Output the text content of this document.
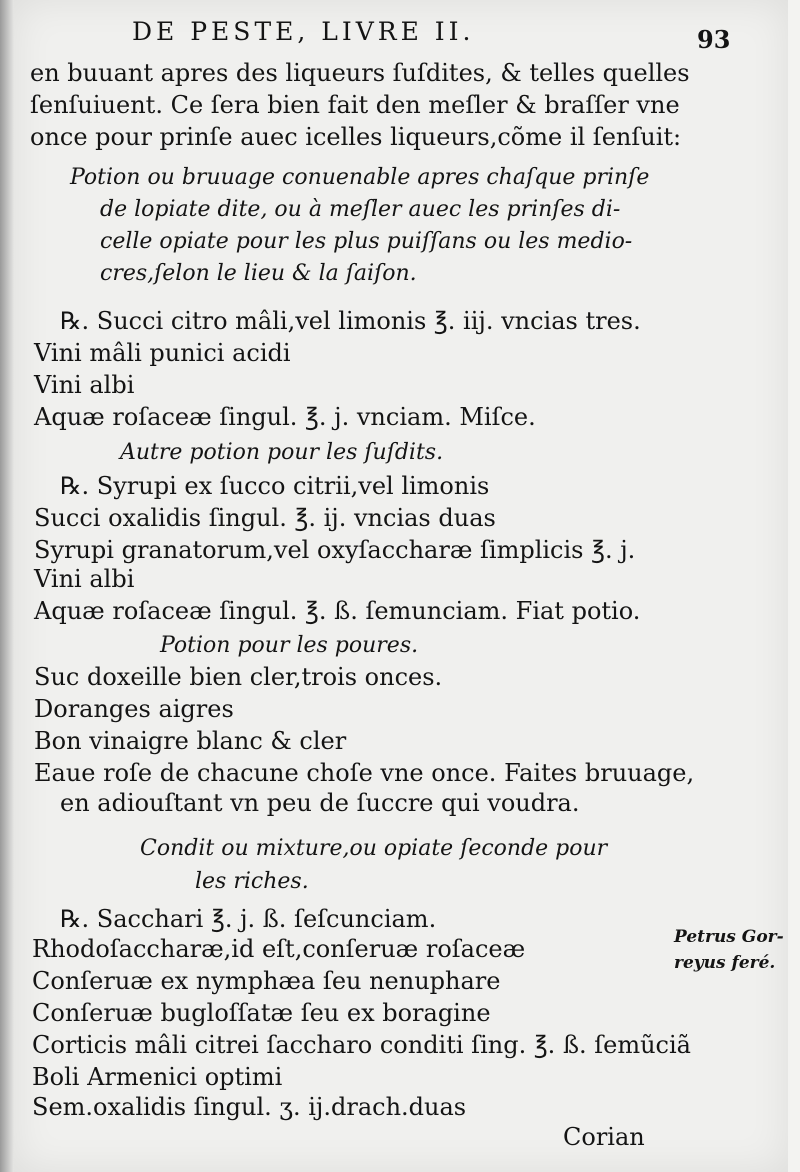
DE PESTE, LIVRE II.	93
en buuant apres des liqueurs ſuſdites, & telles quelles
ſenſuiuent. Ce ſera bien fait den meſler & braſſer vne
once pour prinſe auec icelles liqueurs,cõme il ſenſuit:
Potion ou bruuage conuenable apres chaſque prinſe
de lopiate dite, ou à meſler auec les prinſes di-
celle opiate pour les plus puiſſans ou les medio-
cres,ſelon le lieu & la ſaiſon.
℞. Succi citro mâli,vel limonis ℥. iij. vncias tres.
Vini mâli punici acidi
Vini albi
Aquæ roſaceæ ſingul. ℥. j. vnciam. Miſce.
Autre potion pour les ſuſdits.
℞. Syrupi ex ſucco citrii,vel limonis
Succi oxalidis ſingul. ℥. ij. vncias duas
Syrupi granatorum,vel oxyſaccharæ ſimplicis ℥. j.
Vini albi
Aquæ roſaceæ ſingul. ℥. ß. ſemunciam. Fiat potio.
Potion pour les poures.
Suc doxeille bien cler,trois onces.
Doranges aigres
Bon vinaigre blanc & cler
Eaue roſe de chacune choſe vne once. Faites bruuage,
en adiouſtant vn peu de ſuccre qui voudra.
Condit ou mixture,ou opiate ſeconde pour
les riches.
℞. Sacchari ℥. j. ß. ſeſcunciam.
Rhodoſaccharæ,id eſt,conſeruæ roſaceæ
Conſeruæ ex nymphæa ſeu nenuphare
Conſeruæ bugloſſatæ ſeu ex boragine
Corticis mâli citrei ſaccharo conditi ſing. ℥. ß. ſemũciã
Boli Armenici optimi
Sem.oxalidis ſingul. ʒ. ij.drach.duas
Corian
Petrus Gor-
reyus feré.
